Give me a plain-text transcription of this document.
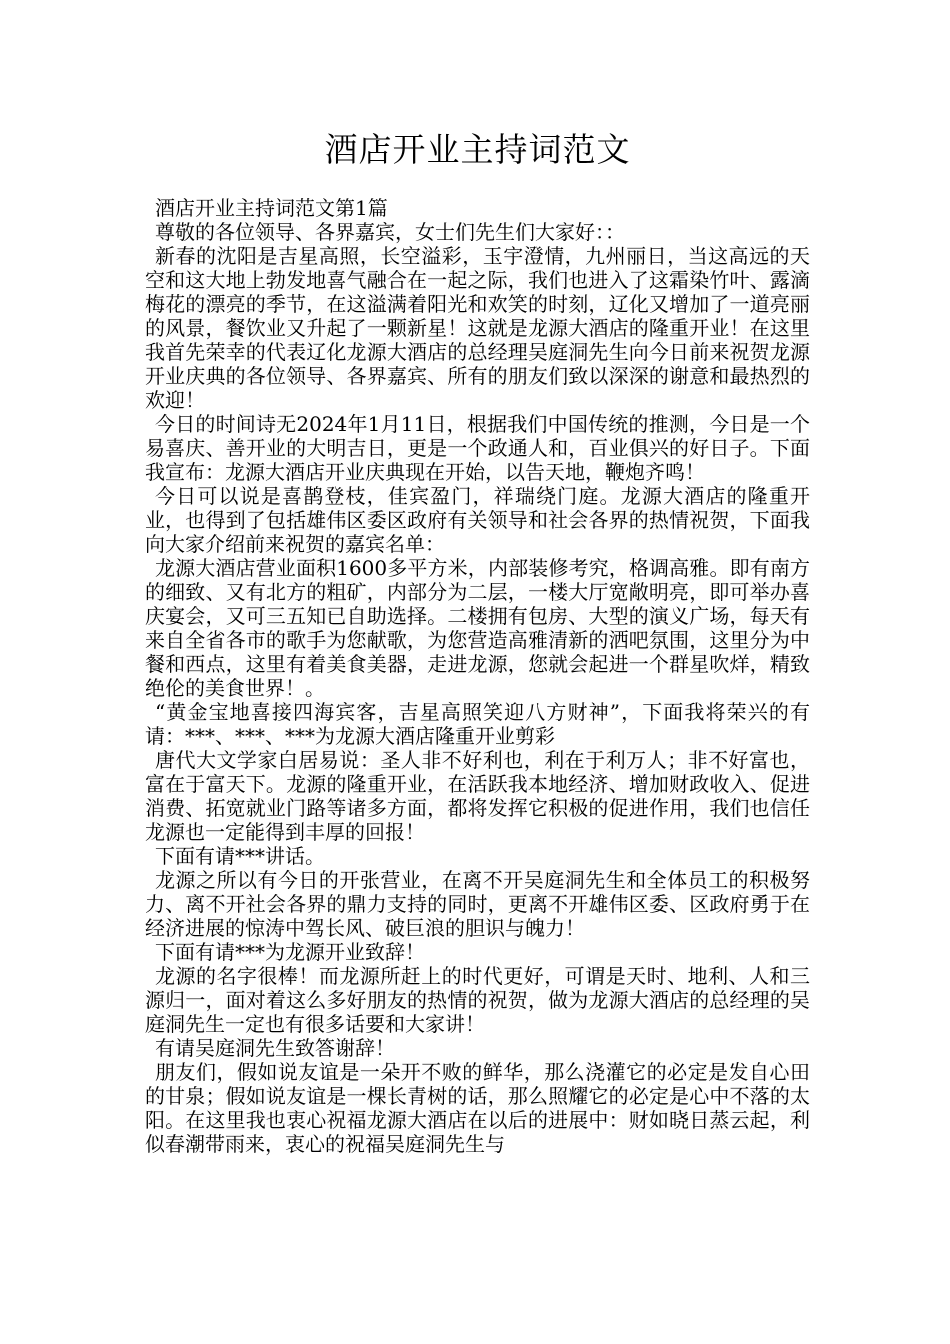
酒店开业主持词范文

酒店开业主持词范文第1篇

尊敬的各位领导、各界嘉宾，女士们先生们大家好：：

新春的沈阳是吉星高照，长空溢彩，玉宇澄情，九州丽日，当这高远的天空和这大地上勃发地喜气融合在一起之际，我们也进入了这霜染竹叶、露滴梅花的漂亮的季节，在这溢满着阳光和欢笑的时刻，辽化又增加了一道亮丽的风景，餐饮业又升起了一颗新星！这就是龙源大酒店的隆重开业！在这里我首先荣幸的代表辽化龙源大酒店的总经理吴庭洞先生向今日前来祝贺龙源开业庆典的各位领导、各界嘉宾、所有的朋友们致以深深的谢意和最热烈的欢迎！

今日的时间诗无2024年1月11日，根据我们中国传统的推测，今日是一个易喜庆、善开业的大明吉日，更是一个政通人和，百业俱兴的好日子。下面我宣布：龙源大酒店开业庆典现在开始，以告天地，鞭炮齐鸣！

今日可以说是喜鹊登枝，佳宾盈门，祥瑞绕门庭。龙源大酒店的隆重开业，也得到了包括雄伟区委区政府有关领导和社会各界的热情祝贺，下面我向大家介绍前来祝贺的嘉宾名单：

龙源大酒店营业面积1600多平方米，内部装修考究，格调高雅。即有南方的细致、又有北方的粗矿，内部分为二层，一楼大厅宽敞明亮，即可举办喜庆宴会，又可三五知已自助选择。二楼拥有包房、大型的演义广场，每天有来自全省各市的歌手为您献歌，为您营造高雅清新的洒吧氛围，这里分为中餐和西点，这里有着美食美器，走进龙源，您就会起进一个群星吹烊，精致绝伦的美食世界！。

“黄金宝地喜接四海宾客，吉星高照笑迎八方财神”，下面我将荣兴的有请：***、***、***为龙源大酒店隆重开业剪彩

唐代大文学家白居易说：圣人非不好利也，利在于利万人；非不好富也，富在于富天下。龙源的隆重开业，在活跃我本地经济、增加财政收入、促进消费、拓宽就业门路等诸多方面，都将发挥它积极的促进作用，我们也信任龙源也一定能得到丰厚的回报！

下面有请***讲话。

龙源之所以有今日的开张营业，在离不开吴庭洞先生和全体员工的积极努力、离不开社会各界的鼎力支持的同时，更离不开雄伟区委、区政府勇于在经济进展的惊涛中驾长风、破巨浪的胆识与魄力！

下面有请***为龙源开业致辞！

龙源的名字很棒！而龙源所赶上的时代更好，可谓是天时、地利、人和三源归一，面对着这么多好朋友的热情的祝贺，做为龙源大酒店的总经理的吴庭洞先生一定也有很多话要和大家讲！

有请吴庭洞先生致答谢辞！

朋友们，假如说友谊是一朵开不败的鲜华，那么浇灌它的必定是发自心田的甘泉；假如说友谊是一棵长青树的话，那么照耀它的必定是心中不落的太阳。在这里我也衷心祝福龙源大酒店在以后的进展中：财如晓日蒸云起，利似春潮带雨来，衷心的祝福吴庭洞先生与
